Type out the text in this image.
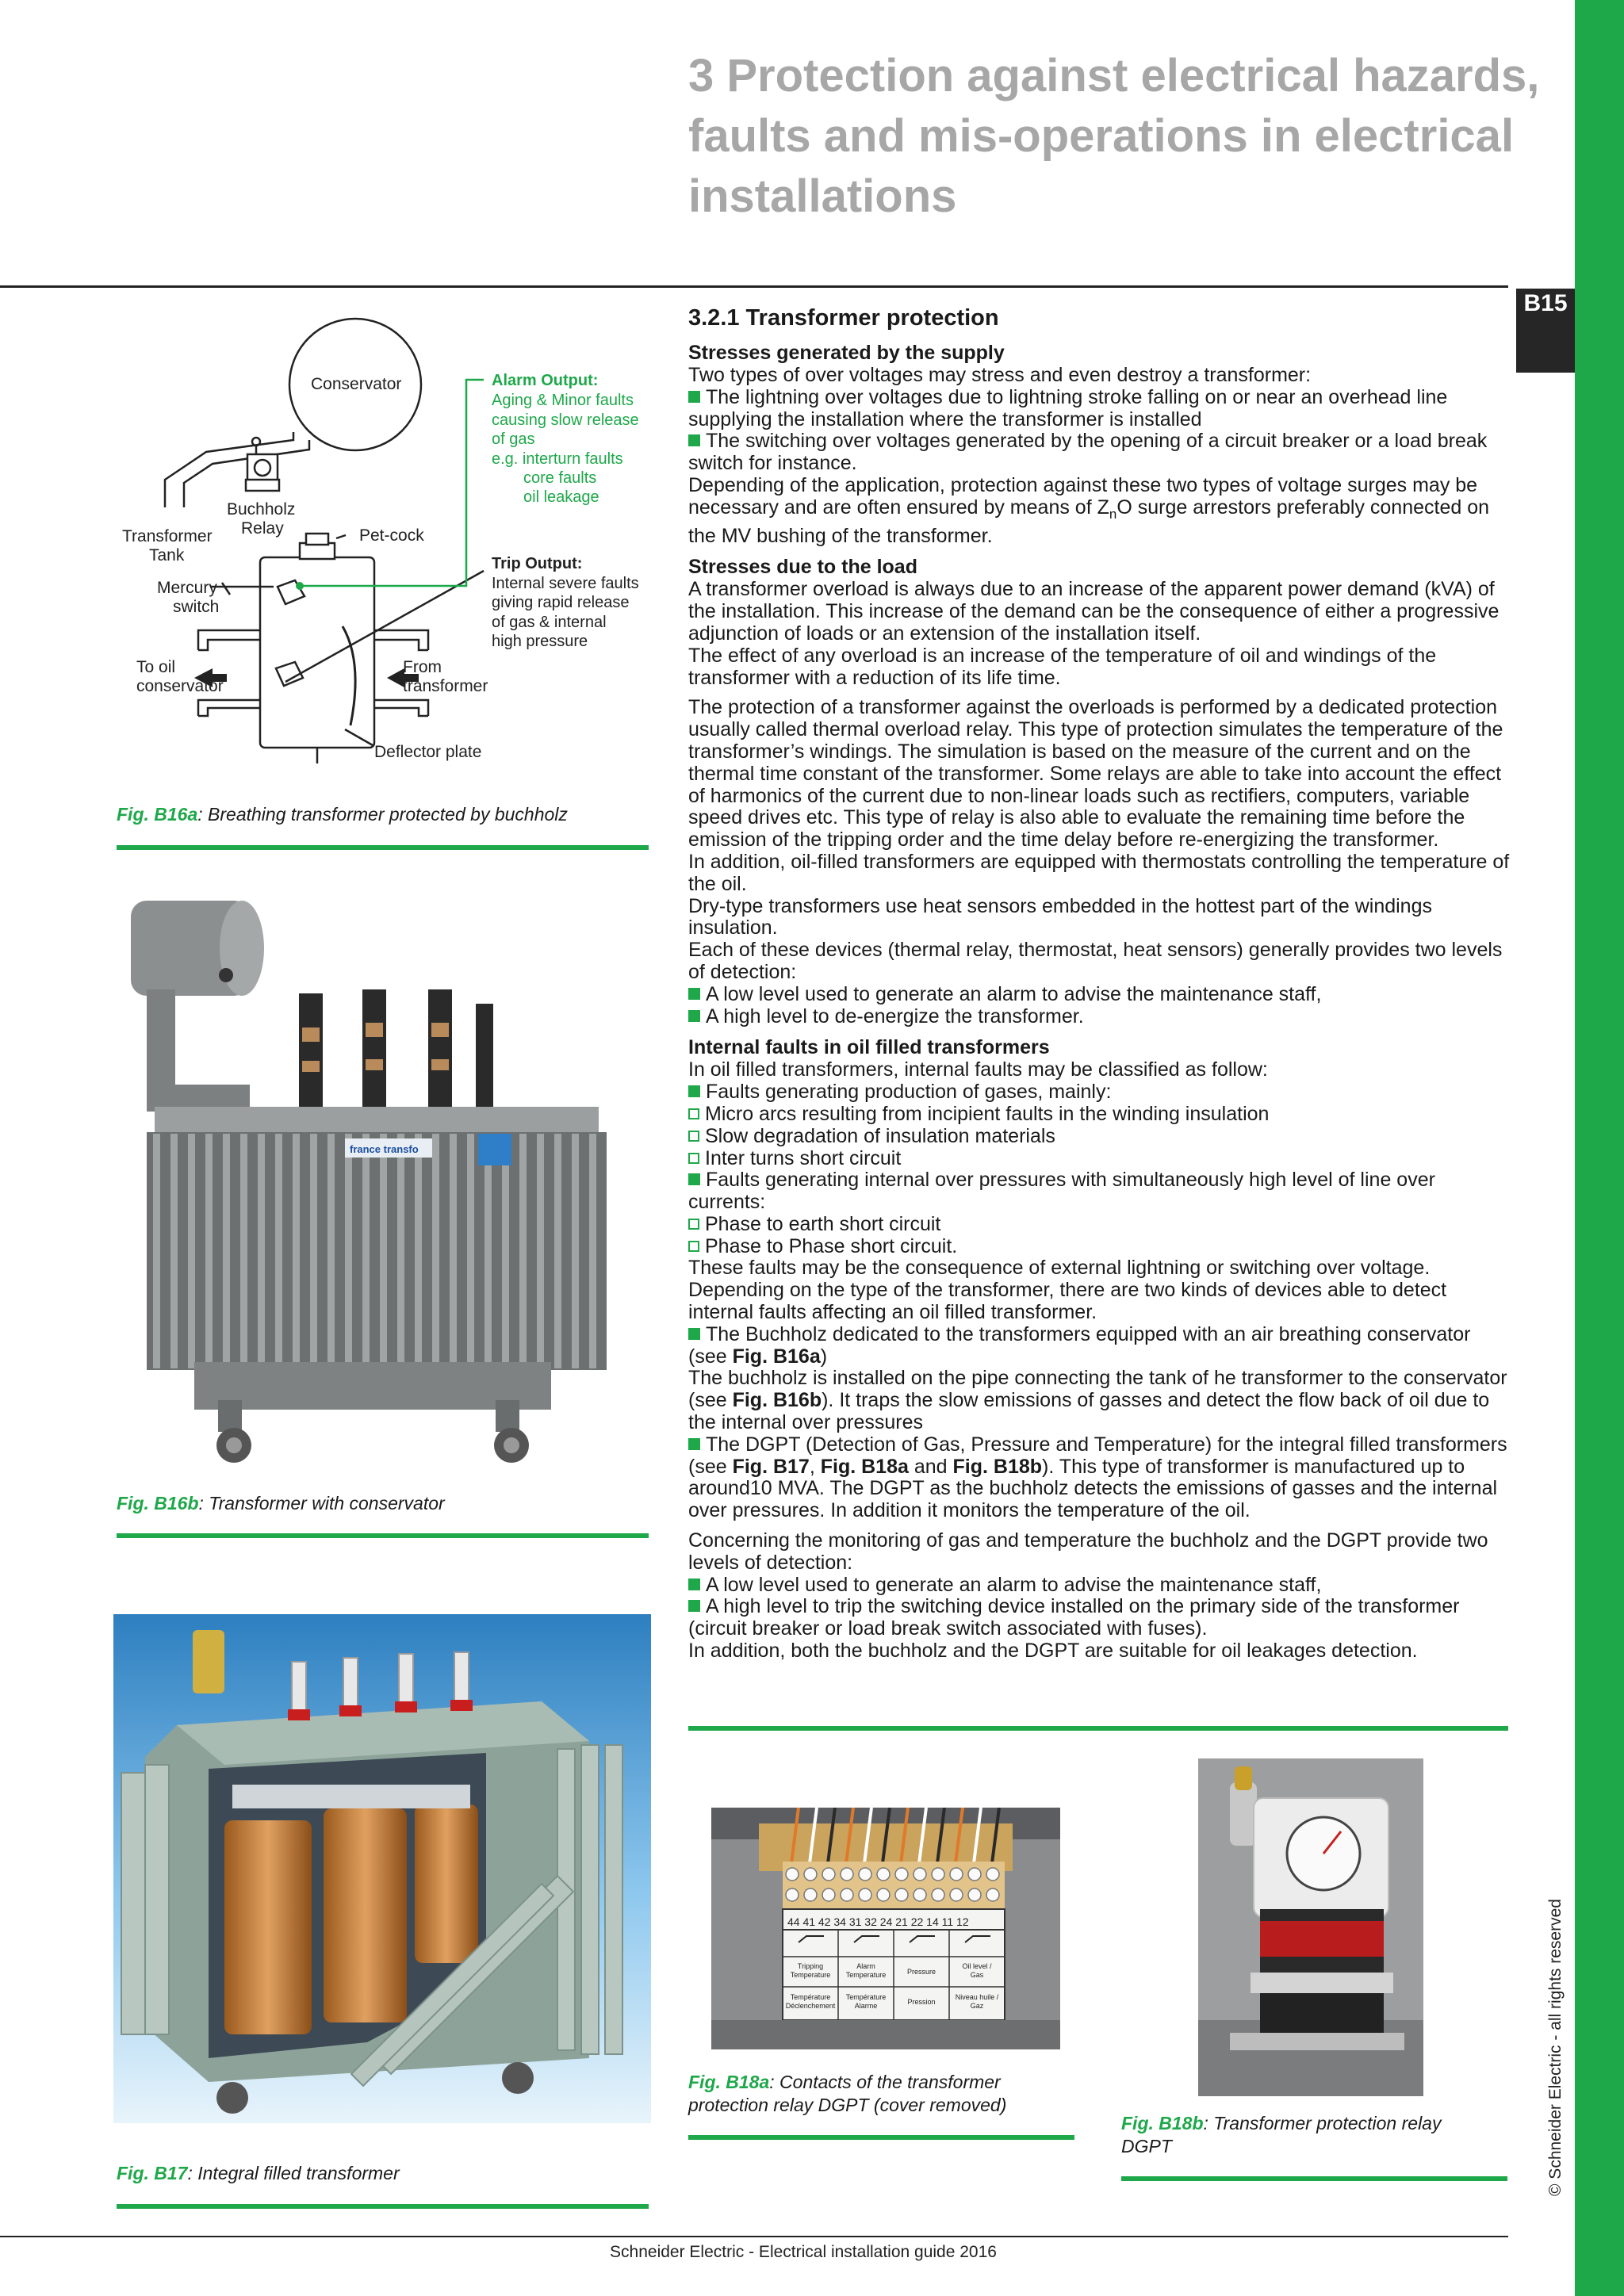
B15
© Schneider Electric - all rights reserved
3 Protection against electrical hazards, faults and mis-operations in electrical installations
Schneider Electric - Electrical installation guide 2016
Conservator
Buchholz
Relay
Transformer
Tank
Mercury
switch
Pet-cock
To oil
conservator
From
transformer
Deflector plate
Alarm Output:
Aging & Minor faults
causing slow release
of gas
e.g. interturn faults
core faults
oil leakage
Trip Output:
Internal severe faults
giving rapid release
of gas & internal
high pressure
Fig. B16a: Breathing transformer protected by buchholz
france transfo
Fig. B16b: Transformer with conservator
Fig. B17: Integral filled transformer
3.2.1 Transformer protection
Stresses generated by the supply

Two types of over voltages may stress and even destroy a transformer:

The lightning over voltages due to lightning stroke falling on or near an overhead line supplying the installation where the transformer is installed

The switching over voltages generated by the opening of a circuit breaker or a load break switch for instance.

Depending of the application, protection against these two types of voltage surges may be necessary and are often ensured by means of $Z_nO$ surge arrestors preferably connected on the MV bushing of the transformer.

Stresses due to the load

A transformer overload is always due to an increase of the apparent power demand (kVA) of the installation. This increase of the demand can be the consequence of either a progressive adjunction of loads or an extension of the installation itself.

The effect of any overload is an increase of the temperature of oil and windings of the transformer with a reduction of its life time.

The protection of a transformer against the overloads is performed by a dedicated protection usually called thermal overload relay. This type of protection simulates the temperature of the transformer’s windings. The simulation is based on the measure of the current and on the thermal time constant of the transformer. Some relays are able to take into account the effect of harmonics of the current due to non-linear loads such as rectifiers, computers, variable speed drives etc. This type of relay is also able to evaluate the remaining time before the emission of the tripping order and the time delay before re-energizing the transformer.

In addition, oil-filled transformers are equipped with thermostats controlling the temperature of the oil.

Dry-type transformers use heat sensors embedded in the hottest part of the windings insulation.

Each of these devices (thermal relay, thermostat, heat sensors) generally provides two levels of detection:

A low level used to generate an alarm to advise the maintenance staff,

A high level to de-energize the transformer.

Internal faults in oil filled transformers

In oil filled transformers, internal faults may be classified as follow:

Faults generating production of gases, mainly:

Micro arcs resulting from incipient faults in the winding insulation

Slow degradation of insulation materials

Inter turns short circuit

Faults generating internal over pressures with simultaneously high level of line over currents:

Phase to earth short circuit

Phase to Phase short circuit.

These faults may be the consequence of external lightning or switching over voltage.

Depending on the type of the transformer, there are two kinds of devices able to detect internal faults affecting an oil filled transformer.

The Buchholz dedicated to the transformers equipped with an air breathing conservator (see Fig. B16a)

The buchholz is installed on the pipe connecting the tank of he transformer to the conservator (see Fig. B16b). It traps the slow emissions of gasses and detect the flow back of oil due to the internal over pressures

The DGPT (Detection of Gas, Pressure and Temperature) for the integral filled transformers (see Fig. B17, Fig. B18a and Fig. B18b). This type of transformer is manufactured up to around10 MVA. The DGPT as the buchholz detects the emissions of gasses and the internal over pressures. In addition it monitors the temperature of the oil.

Concerning the monitoring of gas and temperature the buchholz and the DGPT provide two levels of detection:

A low level used to generate an alarm to advise the maintenance staff,

A high level to trip the switching device installed on the primary side of the transformer (circuit breaker or load break switch associated with fuses).

In addition, both the buchholz and the DGPT are suitable for oil leakages detection.

44 41 42 34 31 32 24 21 22 14 11 12
Tripping
Temperature
Alarm
Temperature	Pressure
Oil level /
Gas
Température
Déclenchement
Température
Alarme	Pression
Niveau huile /
Gaz
Fig. B18a: Contacts of the transformer
protection relay DGPT (cover removed)
Fig. B18b: Transformer protection relay
DGPT
